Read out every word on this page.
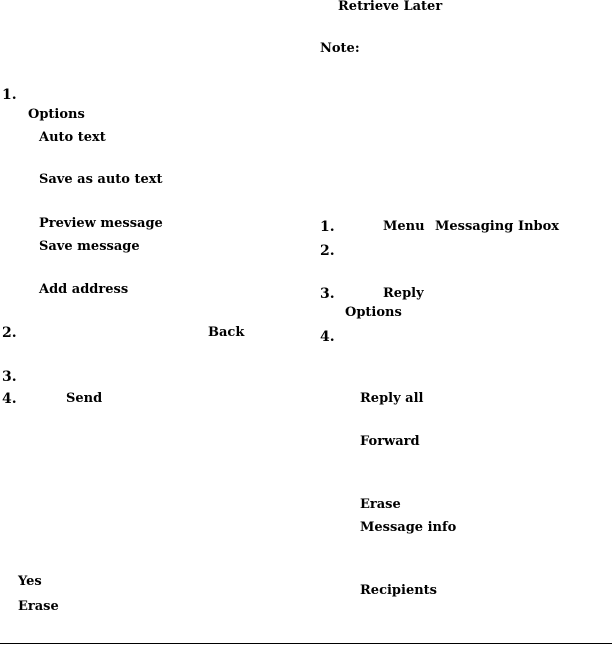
1.
Options
Auto text
Save as auto text
Preview message
Save message
Add address
2.	Back
3.
4.	Send
Yes
Erase
Retrieve Later
Note:
1.	Menu Messaging Inbox
2.
3.	Reply
Options
4.
Reply all
Forward
Erase
Message info
Recipients
